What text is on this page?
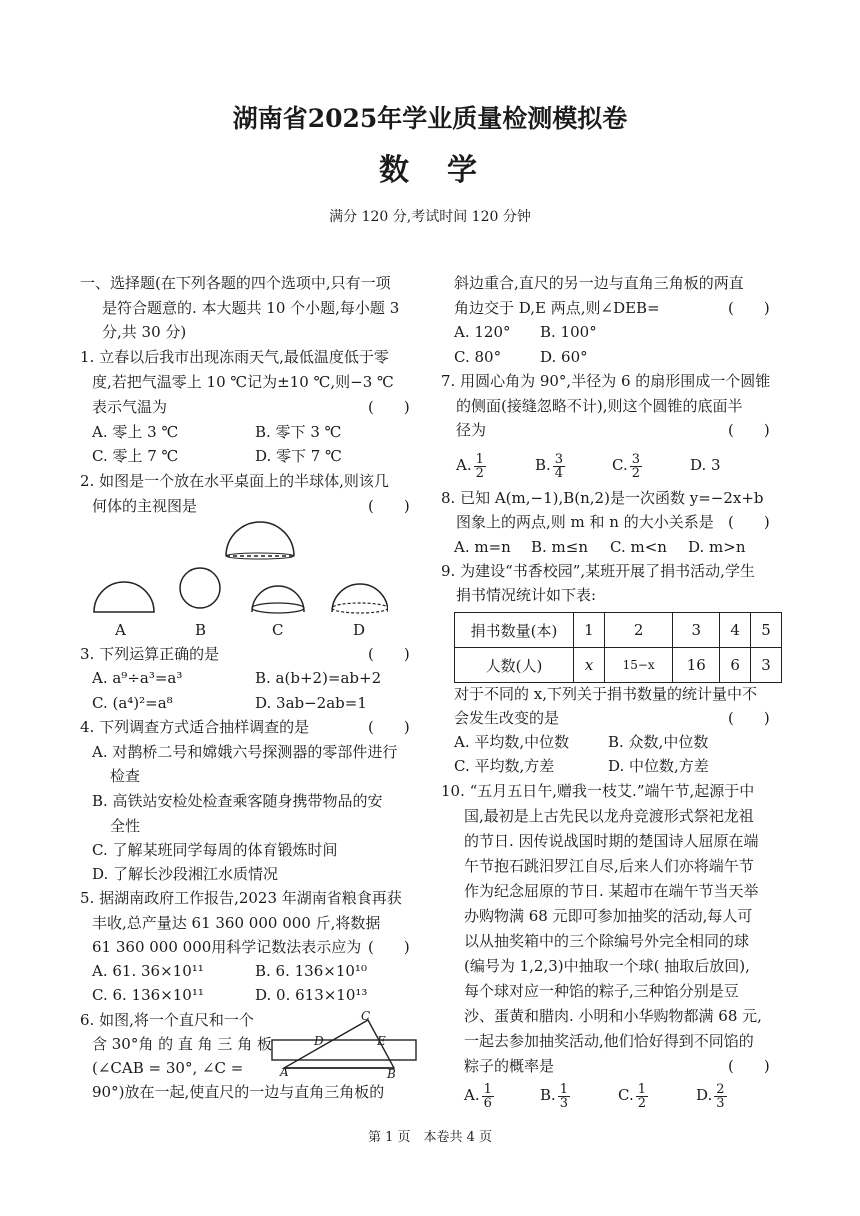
湖南省2025年学业质量检测模拟卷
数　学
满分 120 分,考试时间 120 分钟
一、选择题(在下列各题的四个选项中,只有一项
是符合题意的. 本大题共 10 个小题,每小题 3
分,共 30 分)
1. 立春以后我市出现冻雨天气,最低温度低于零
度,若把气温零上 10 ℃记为±10 ℃,则−3 ℃
表示气温为	(　　)
A. 零上 3 ℃	B. 零下 3 ℃
C. 零上 7 ℃	D. 零下 7 ℃
2. 如图是一个放在水平桌面上的半球体,则该几
何体的主视图是	(　　)
A	B	C	D
3. 下列运算正确的是	(　　)
A. a⁹÷a³=a³	B. a(b+2)=ab+2
C. (a⁴)²=a⁸	D. 3ab−2ab=1
4. 下列调查方式适合抽样调查的是	(　　)
A. 对鹊桥二号和嫦娥六号探测器的零部件进行
检查
B. 高铁站安检处检查乘客随身携带物品的安
全性
C. 了解某班同学每周的体育锻炼时间
D. 了解长沙段湘江水质情况
5. 据湖南政府工作报告,2023 年湖南省粮食再获
丰收,总产量达 61 360 000 000 斤,将数据
61 360 000 000用科学记数法表示应为 (　　)
A. 61. 36×10¹¹	B. 6. 136×10¹⁰
C. 6. 136×10¹¹	D. 0. 613×10¹³
6. 如图,将一个直尺和一个
含 30°角 的 直 角 三 角 板
(∠CAB = 30°, ∠C =
90°)放在一起,使直尺的一边与直角三角板的
C
D	E
A	B
斜边重合,直尺的另一边与直角三角板的两直
角边交于 D,E 两点,则∠DEB=	(　　)
A. 120° B. 100°
C. 80°	D. 60°
7. 用圆心角为 90°,半径为 6 的扇形围成一个圆锥
的侧面(接缝忽略不计),则这个圆锥的底面半
径为	(　　)
A. $\frac{1}{2}$	B. $\frac{3}{4}$	C. $\frac{3}{2}$	D. 3
8. 已知 A(m,−1),B(n,2)是一次函数 y=−2x+b
图象上的两点,则 m 和 n 的大小关系是 (　　)
A. m=n B. m≤n C. m<n D. m>n
9. 为建设“书香校园”,某班开展了捐书活动,学生
捐书情况统计如下表:
捐书数量(本)	1	2	3	4	5
人数(人)	x	15−x	16	6	3
对于不同的 x,下列关于捐书数量的统计量中不
会发生改变的是	(　　)
A. 平均数,中位数	B. 众数,中位数
C. 平均数,方差	D. 中位数,方差
10. “五月五日午,赠我一枝艾.”端午节,起源于中
国,最初是上古先民以龙舟竞渡形式祭祀龙祖
的节日. 因传说战国时期的楚国诗人屈原在端
午节抱石跳汨罗江自尽,后来人们亦将端午节
作为纪念屈原的节日. 某超市在端午节当天举
办购物满 68 元即可参加抽奖的活动,每人可
以从抽奖箱中的三个除编号外完全相同的球
(编号为 1,2,3)中抽取一个球( 抽取后放回),
每个球对应一种馅的粽子,三种馅分别是豆
沙、蛋黄和腊肉. 小明和小华购物都满 68 元,
一起去参加抽奖活动,他们恰好得到不同馅的
粽子的概率是	(　　)
A. $\frac{1}{6}$	B. $\frac{1}{3}$	C. $\frac{1}{2}$	D. $\frac{2}{3}$
第 1 页　本卷共 4 页
